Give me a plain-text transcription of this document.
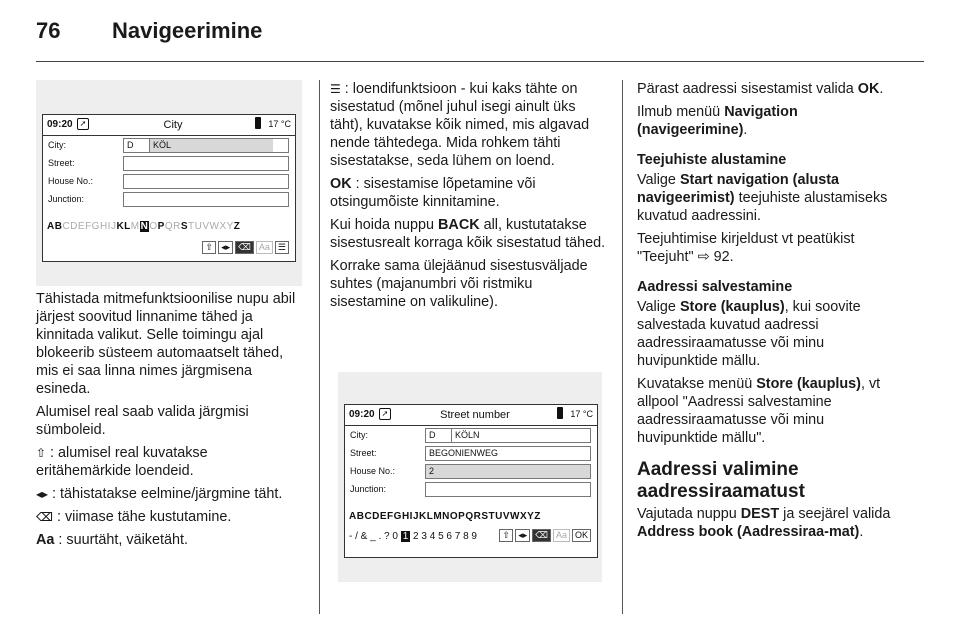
76 Navigeerimine
09:20 ➚	City	17 °C
City:	D KÖL
Street:
House No.:
Junction:
ABCDEFGHIJKLMNOPQRSTUVWXYZ
⇧ ◂▸ ⌫ Aa ☰

Tähistada mitmefunktsioonilise nupu abil järjest soovitud linnanime tähed ja kinnitada valikut. Selle toimingu ajal blokeerib süsteem automaatselt tähed, mis ei saa linna nimes järgmisena esineda.

Alumisel real saab valida järgmisi sümboleid.

⇧ : alumisel real kuvatakse eritähemärkide loendeid.

◂▸ : tähistatakse eelmine/järgmine täht.

⌫ : viimase tähe kustutamine.

Aa : suurtäht, väiketäht.

☰ : loendifunktsioon - kui kaks tähte on sisestatud (mõnel juhul isegi ainult üks täht), kuvatakse kõik nimed, mis algavad nende tähtedega. Mida rohkem tähti sisestatakse, seda lühem on loend.

OK : sisestamise lõpetamine või otsingumõiste kinnitamine.

Kui hoida nuppu BACK all, kustutatakse sisestusrealt korraga kõik sisestatud tähed.

Korrake sama ülejäänud sisestusväljade suhtes (majanumbri või ristmiku sisestamine on valikuline).

09:20 ➚	Street number	17 °C
City:	D KÖLN
Street:	BEGONIENWEG
House No.:	2
Junction:
ABCDEFGHIJKLMNOPQRSTUVWXYZ
- / & _ . ? 0 1 2 3 4 5 6 7 8 9	⇧ ◂▸ ⌫ Aa OK

Pärast aadressi sisestamist valida OK.

Ilmub menüü Navigation (navigeerimine).

Teejuhiste alustamine

Valige Start navigation (alusta navigeerimist) teejuhiste alustamiseks kuvatud aadressini.

Teejuhtimise kirjeldust vt peatükist "Teejuht" ⇨ 92.

Aadressi salvestamine

Valige Store (kauplus), kui soovite salvestada kuvatud aadressi aadressiraamatusse või minu huvipunktide mällu.

Kuvatakse menüü Store (kauplus), vt allpool "Aadressi salvestamine aadressiraamatusse või minu huvipunktide mällu".

Aadressi valimine aadressiraamatust

Vajutada nuppu DEST ja seejärel valida Address book (Aadressiraa-mat).
